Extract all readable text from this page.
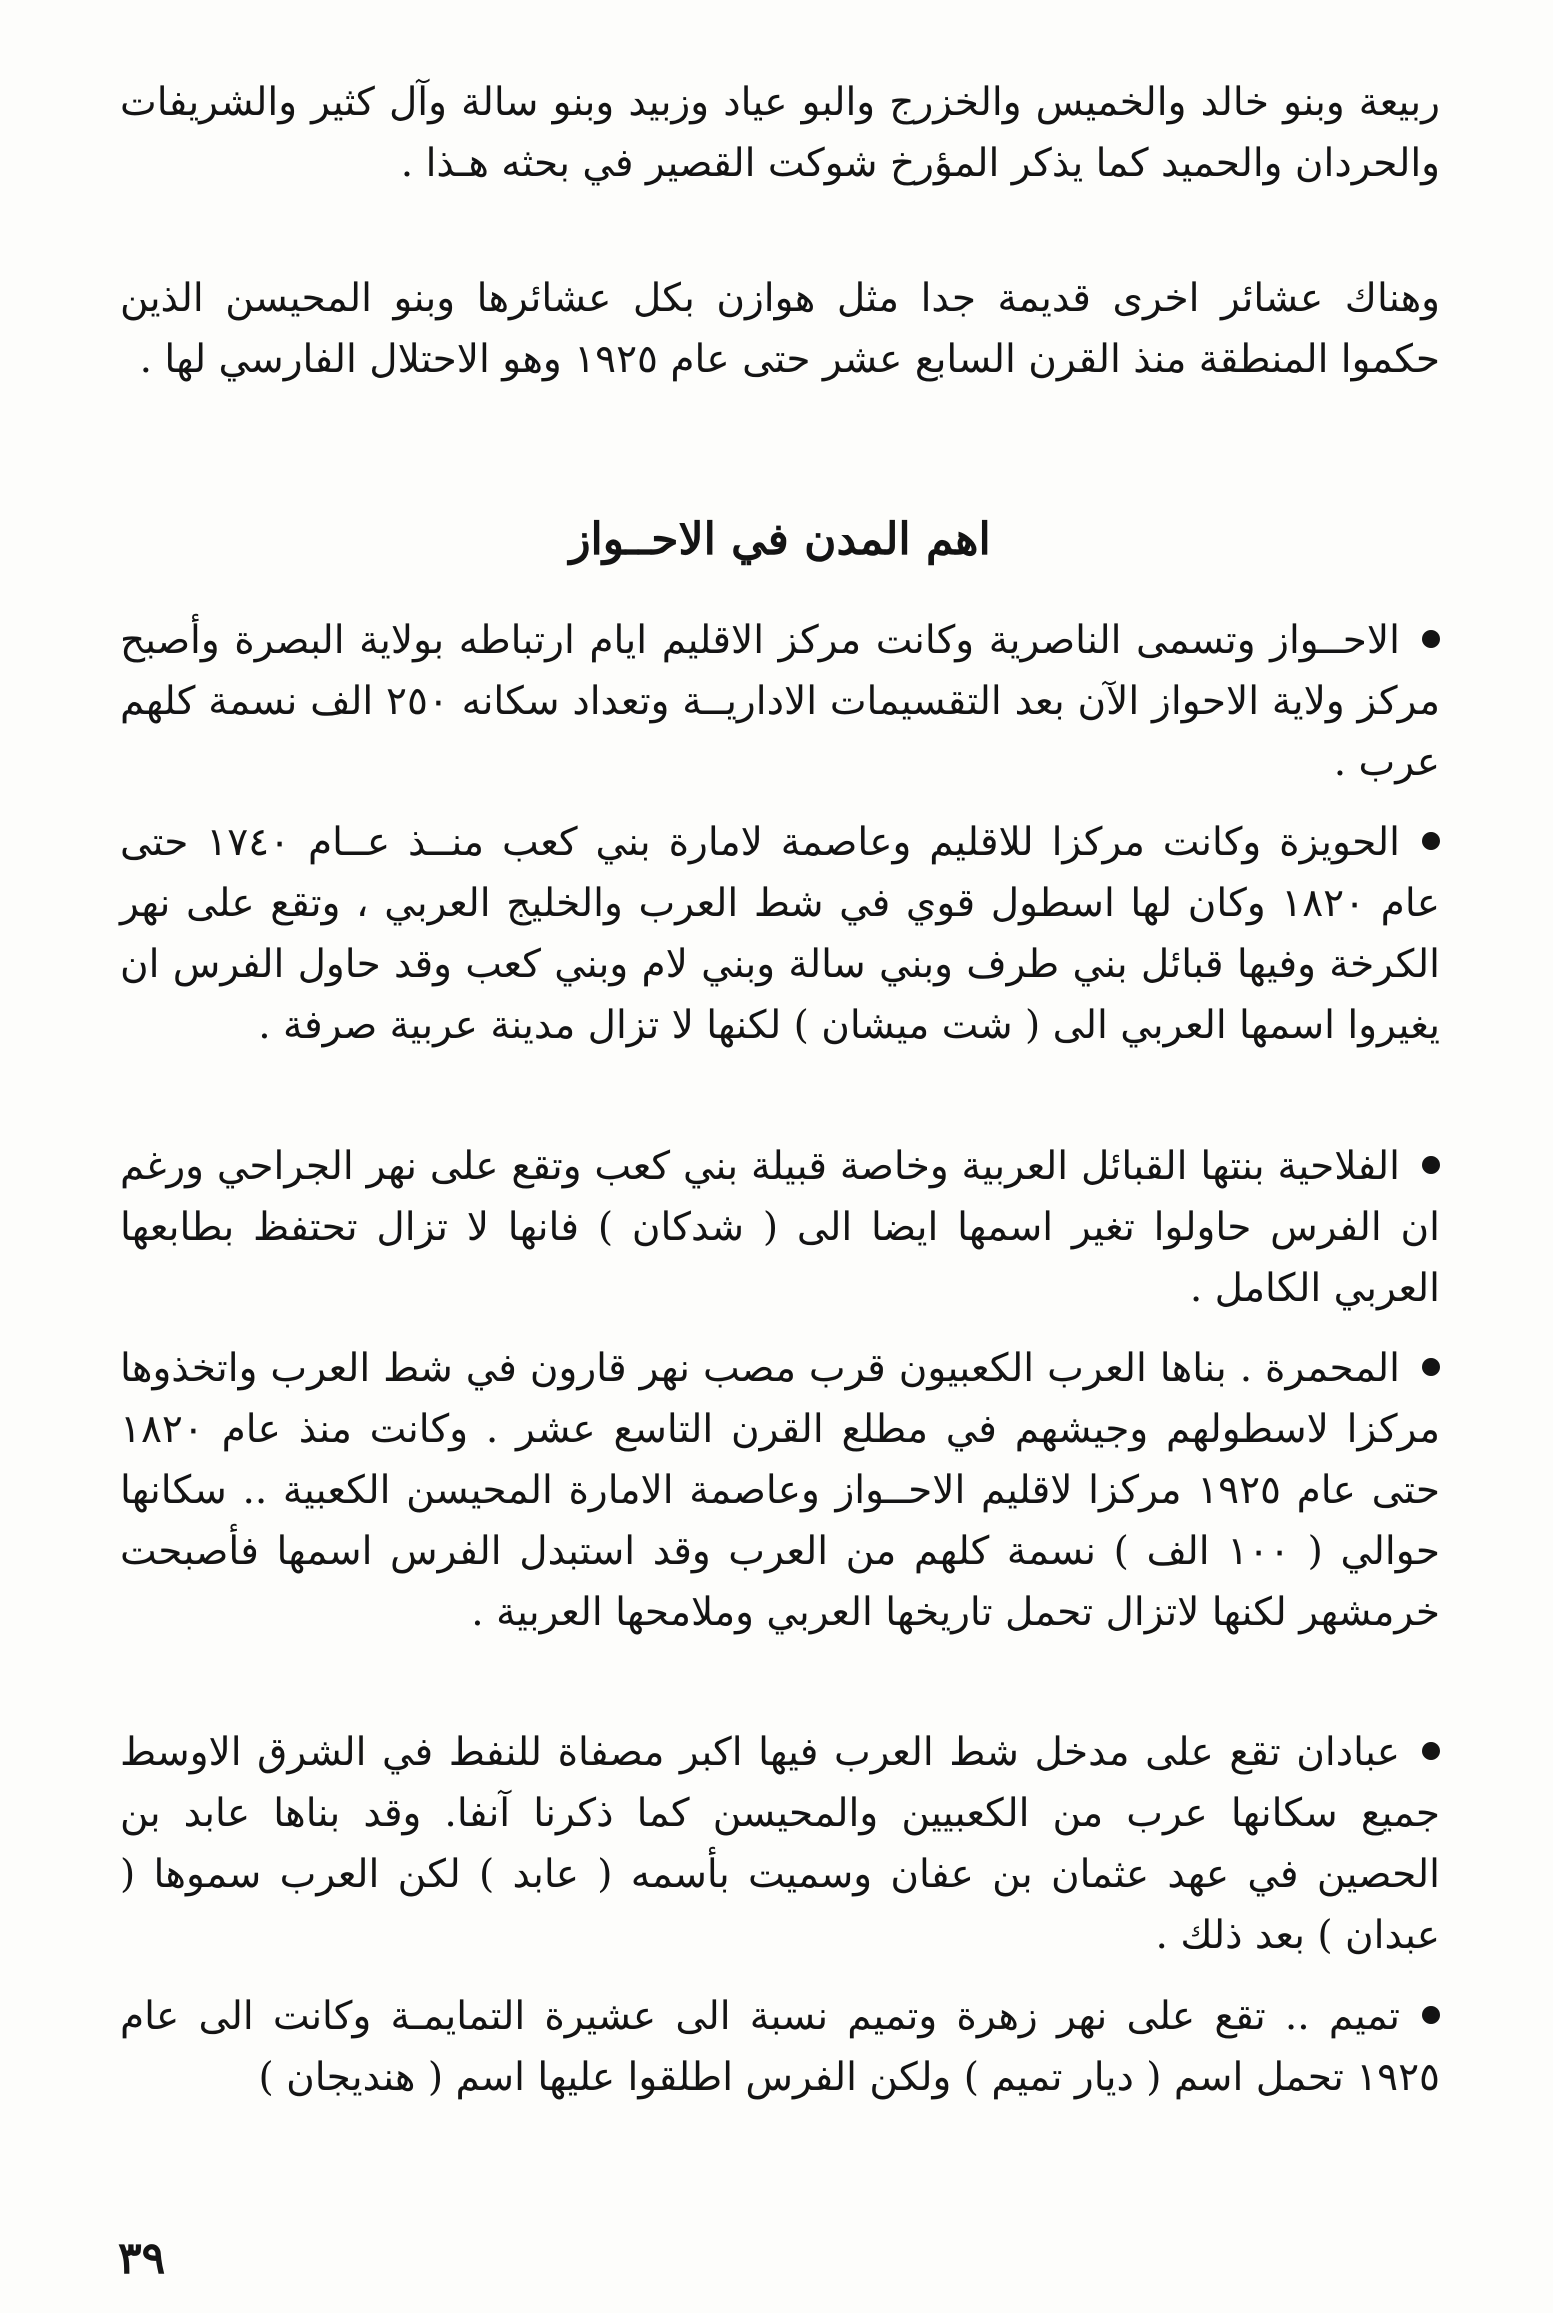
ربيعة وبنو خالد والخميس والخزرج والبو عياد وزبيد وبنو سالة وآل كثير والشريفات والحردان والحميد كما يذكر المؤرخ شوكت القصير في بحثه هـذا .
وهناك عشائر اخرى قديمة جدا مثل هوازن بكل عشائرها وبنو المحيسن الذين حكموا المنطقة منذ القرن السابع عشر حتى عام ١٩٢٥ وهو الاحتلال الفارسي لها .
اهم المدن في الاحــواز
الاحــواز وتسمى الناصرية وكانت مركز الاقليم ايام ارتباطه بولاية البصرة وأصبح مركز ولاية الاحواز الآن بعد التقسيمات الاداريــة وتعداد سكانه ٢٥٠ الف نسمة كلهم عرب .
الحويزة وكانت مركزا للاقليم وعاصمة لامارة بني كعب منــذ عــام ١٧٤٠ حتى عام ١٨٢٠ وكان لها اسطول قوي في شط العرب والخليج العربي ، وتقع على نهر الكرخة وفيها قبائل بني طرف وبني سالة وبني لام وبني كعب وقد حاول الفرس ان يغيروا اسمها العربي الى ( شت ميشان ) لكنها لا تزال مدينة عربية صرفة .
الفلاحية بنتها القبائل العربية وخاصة قبيلة بني كعب وتقع على نهر الجراحي ورغم ان الفرس حاولوا تغير اسمها ايضا الى ( شدكان ) فانها لا تزال تحتفظ بطابعها العربي الكامل .
المحمرة . بناها العرب الكعبيون قرب مصب نهر قارون في شط العرب واتخذوها مركزا لاسطولهم وجيشهم في مطلع القرن التاسع عشر . وكانت منذ عام ١٨٢٠ حتى عام ١٩٢٥ مركزا لاقليم الاحــواز وعاصمة الامارة المحيسن الكعبية .. سكانها حوالي ( ١٠٠ الف ) نسمة كلهم من العرب وقد استبدل الفرس اسمها فأصبحت خرمشهر لكنها لاتزال تحمل تاريخها العربي وملامحها العربية .
عبادان تقع على مدخل شط العرب فيها اكبر مصفاة للنفط في الشرق الاوسط جميع سكانها عرب من الكعبيين والمحيسن كما ذكرنا آنفا. وقد بناها عابد بن الحصين في عهد عثمان بن عفان وسميت بأسمه ( عابد ) لكن العرب سموها ( عبدان ) بعد ذلك .
تميم .. تقع على نهر زهرة وتميم نسبة الى عشيرة التمايمـة وكانت الى عام ١٩٢٥ تحمل اسم ( ديار تميم ) ولكن الفرس اطلقوا عليها اسم ( هنديجان )
٣٩
